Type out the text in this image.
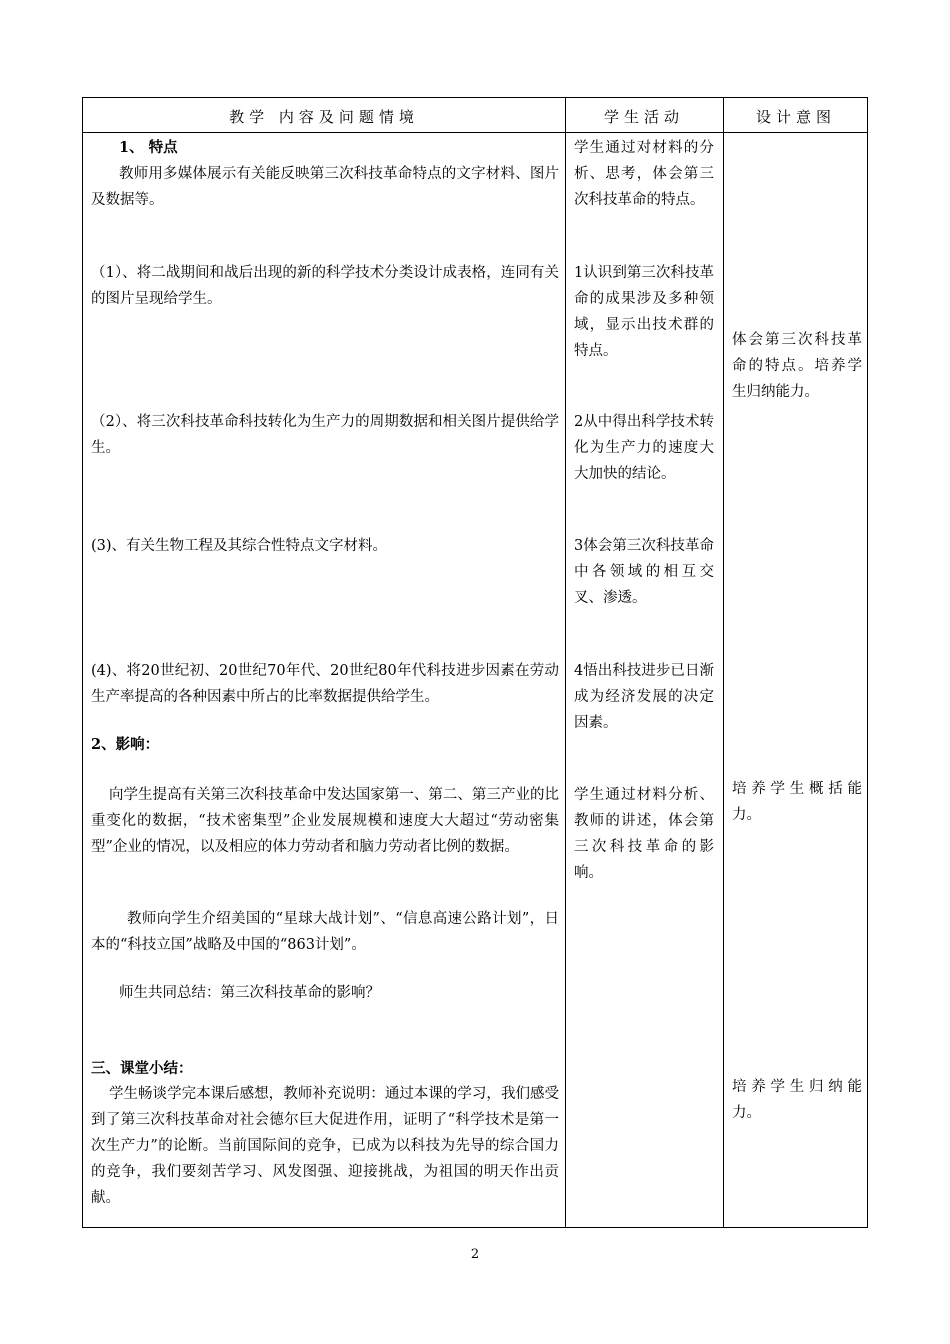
教学 内容及问题情境	学生活动	设计意图
1、 特点
教师用多媒体展示有关能反映第三次科技革命特点的文字材料、图片及数据等。
（1）、将二战期间和战后出现的新的科学技术分类设计成表格，连同有关的图片呈现给学生。
（2）、将三次科技革命科技转化为生产力的周期数据和相关图片提供给学生。
(3)、有关生物工程及其综合性特点文字材料。
(4)、将20世纪初、20世纪70年代、20世纪80年代科技进步因素在劳动生产率提高的各种因素中所占的比率数据提供给学生。
2、影响：
向学生提高有关第三次科技革命中发达国家第一、第二、第三产业的比重变化的数据，“技术密集型”企业发展规模和速度大大超过“劳动密集型”企业的情况，以及相应的体力劳动者和脑力劳动者比例的数据。
教师向学生介绍美国的“星球大战计划”、“信息高速公路计划”，日本的“科技立国”战略及中国的“863计划”。
师生共同总结：第三次科技革命的影响？
三、课堂小结：
学生畅谈学完本课后感想，教师补充说明：通过本课的学习，我们感受到了第三次科技革命对社会德尔巨大促进作用，证明了“科学技术是第一次生产力”的论断。当前国际间的竞争，已成为以科技为先导的综合国力的竞争，我们要刻苦学习、风发图强、迎接挑战，为祖国的明天作出贡献。
学生通过对材料的分析、思考，体会第三次科技革命的特点。
1认识到第三次科技革命的成果涉及多种领域，显示出技术群的特点。
2从中得出科学技术转化为生产力的速度大大加快的结论。
3体会第三次科技革命中各领域的相互交叉、渗透。
4悟出科技进步已日渐成为经济发展的决定因素。
学生通过材料分析、教师的讲述，体会第三次科技革命的影响。
体会第三次科技革命的特点。培养学生归纳能力。
培养学生概括能力。
培养学生归纳能力。
2
